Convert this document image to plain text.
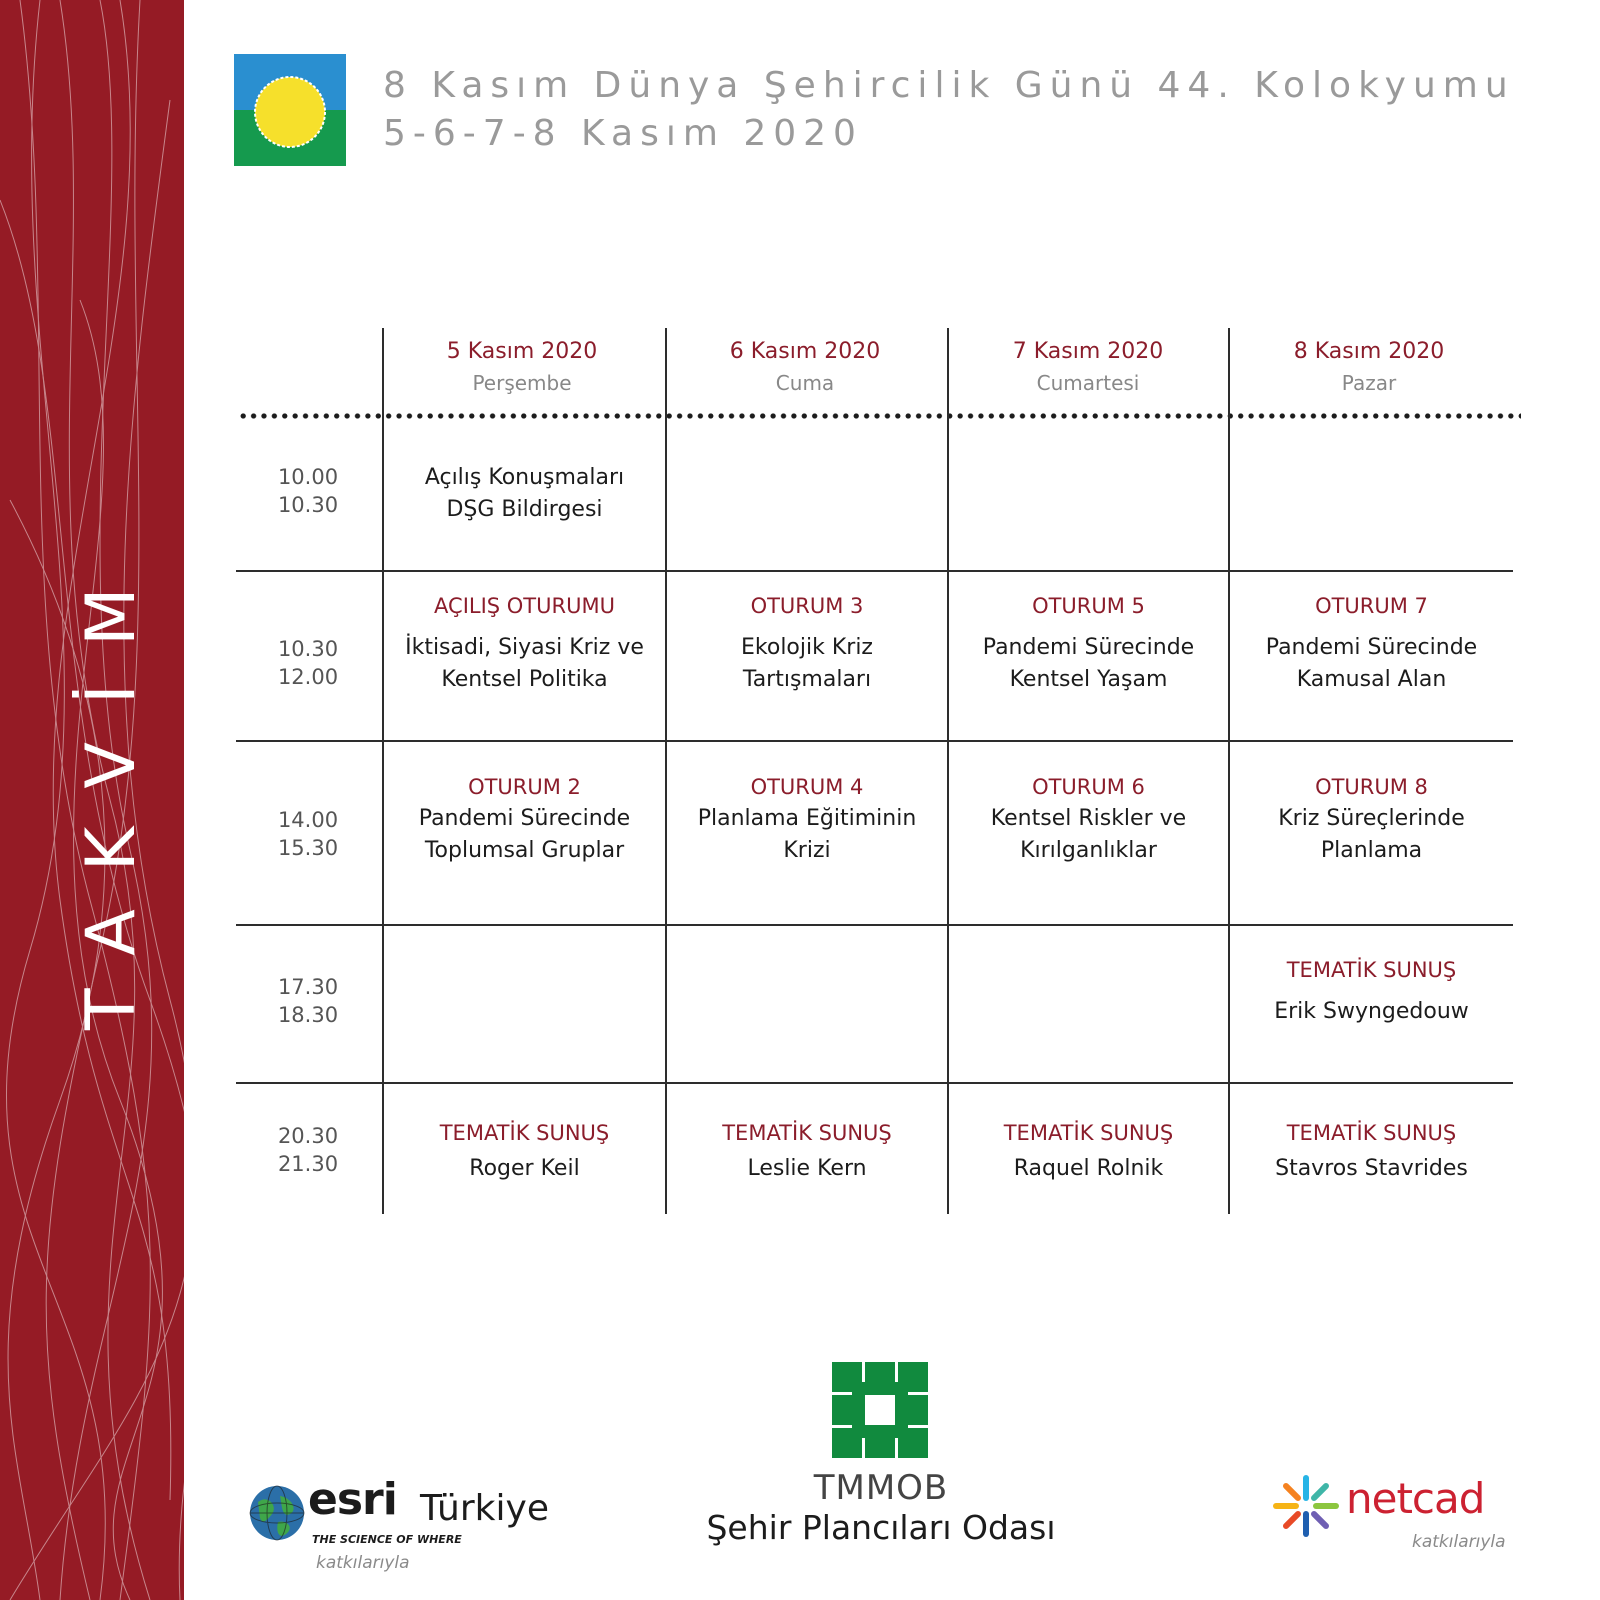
TAKVİM
8 Kasım Dünya Şehircilik Günü 44. Kolokyumu
5-6-7-8 Kasım 2020
5 Kasım 2020
Perşembe
6 Kasım 2020
Cuma
7 Kasım 2020
Cumartesi
8 Kasım 2020
Pazar
10.00
10.30
10.30
12.00
14.00
15.30
17.30
18.30
20.30
21.30
Açılış Konuşmaları
DŞG Bildirgesi
AÇILIŞ OTURUMU
İktisadi, Siyasi Kriz ve
Kentsel Politika
OTURUM 3
Ekolojik Kriz
Tartışmaları
OTURUM 5
Pandemi Sürecinde
Kentsel Yaşam
OTURUM 7
Pandemi Sürecinde
Kamusal Alan
OTURUM 2
Pandemi Sürecinde
Toplumsal Gruplar
OTURUM 4
Planlama Eğitiminin
Krizi
OTURUM 6
Kentsel Riskler ve
Kırılganlıklar
OTURUM 8
Kriz Süreçlerinde
Planlama
TEMATİK SUNUŞ
Erik Swyngedouw
TEMATİK SUNUŞ
Roger Keil
TEMATİK SUNUŞ
Leslie Kern
TEMATİK SUNUŞ
Raquel Rolnik
TEMATİK SUNUŞ
Stavros Stavrides
esri Türkiye
THE SCIENCE OF WHERE
katkılarıyla
TMMOB
Şehir Plancıları Odası
netcad
katkılarıyla
